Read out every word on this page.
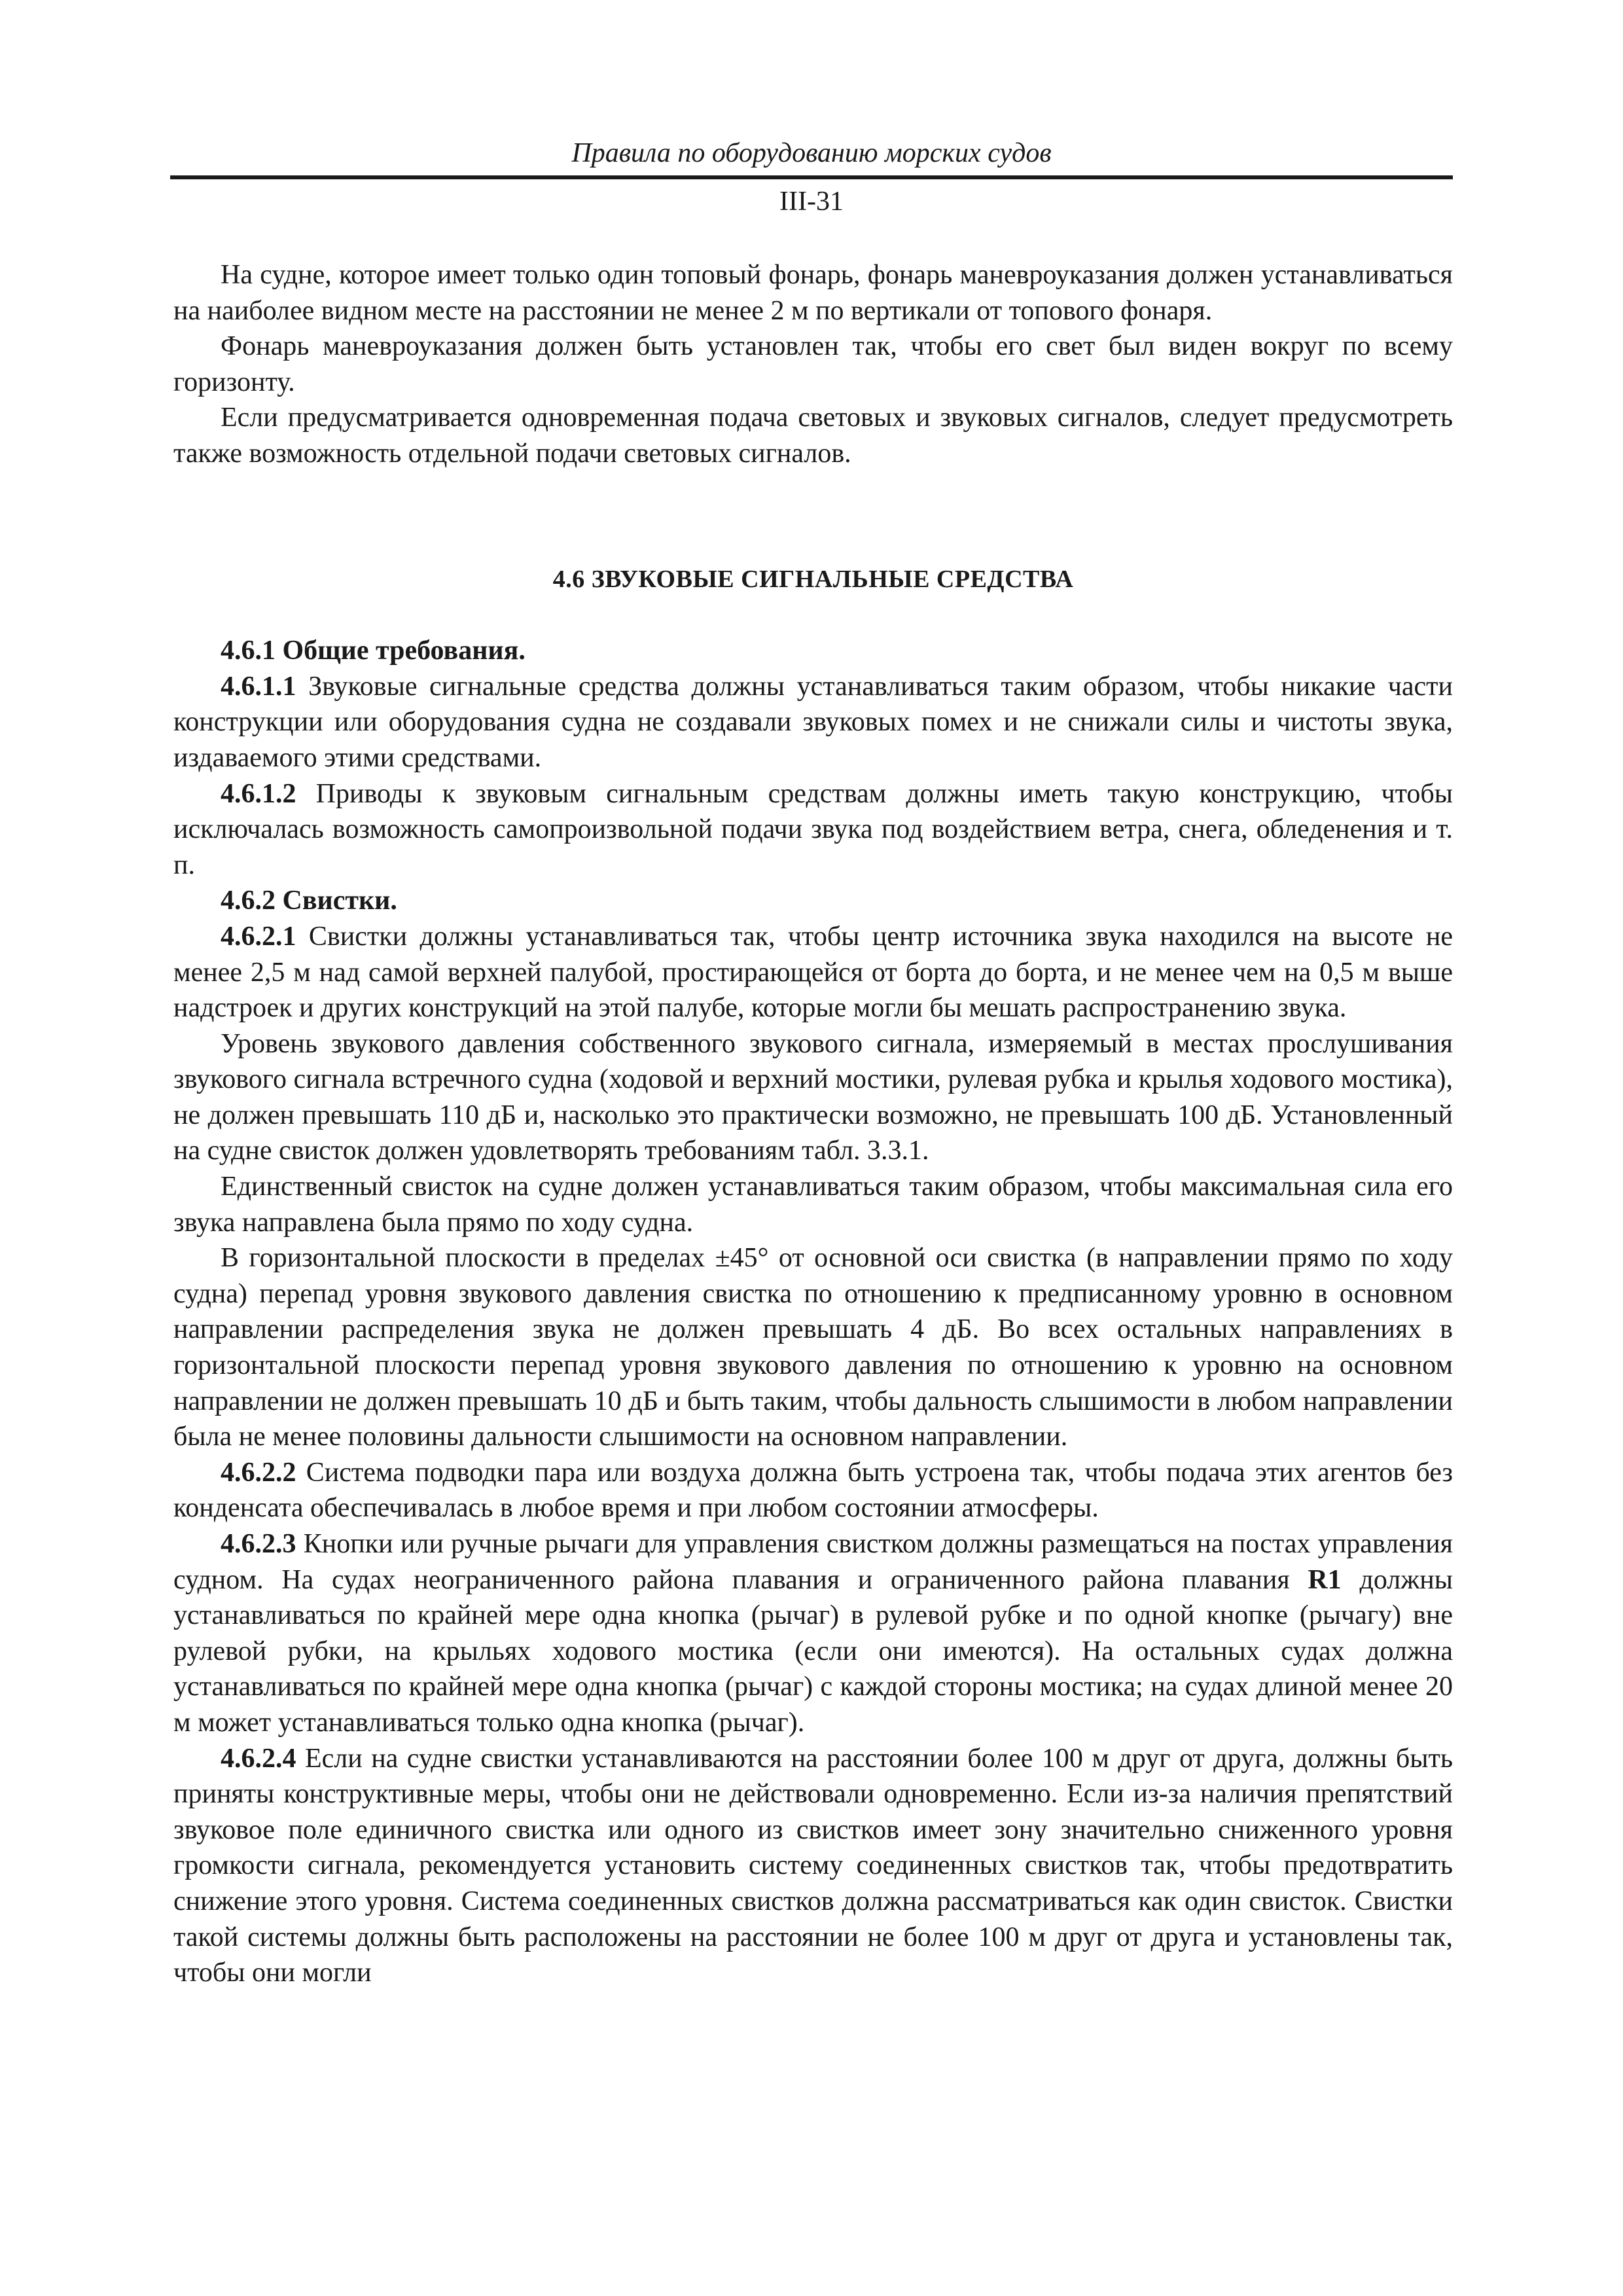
Правила по оборудованию морских судов
III-31

На судне, которое имеет только один топовый фонарь, фонарь маневроуказания должен устанавливаться на наиболее видном месте на расстоянии не менее 2 м по вертикали от топового фонаря.

Фонарь маневроуказания должен быть установлен так, чтобы его свет был виден вокруг по всему горизонту.

Если предусматривается одновременная подача световых и звуковых сигналов, следует предусмотреть также возможность отдельной подачи световых сигналов.

4.6 ЗВУКОВЫЕ СИГНАЛЬНЫЕ СРЕДСТВА

4.6.1 Общие требования.

4.6.1.1 Звуковые сигнальные средства должны устанавливаться таким образом, чтобы никакие части конструкции или оборудования судна не создавали звуковых помех и не снижали силы и чистоты звука, издаваемого этими средствами.

4.6.1.2 Приводы к звуковым сигнальным средствам должны иметь такую конструкцию, чтобы исключалась возможность самопроизвольной подачи звука под воздействием ветра, снега, обледенения и т. п.

4.6.2 Свистки.

4.6.2.1 Свистки должны устанавливаться так, чтобы центр источника звука находился на высоте не менее 2,5 м над самой верхней палубой, простирающейся от борта до борта, и не менее чем на 0,5 м выше надстроек и других конструкций на этой палубе, которые могли бы мешать распространению звука.

Уровень звукового давления собственного звукового сигнала, измеряемый в местах прослушивания звукового сигнала встречного судна (ходовой и верхний мостики, рулевая рубка и крылья ходового мостика), не должен превышать 110 дБ и, насколько это практически возможно, не превышать 100 дБ. Установленный на судне свисток должен удовлетворять требованиям табл. 3.3.1.

Единственный свисток на судне должен устанавливаться таким образом, чтобы максимальная сила его звука направлена была прямо по ходу судна.

В горизонтальной плоскости в пределах ±45° от основной оси свистка (в направлении прямо по ходу судна) перепад уровня звукового давления свистка по отношению к предписанному уровню в основном направлении распределения звука не должен превышать 4 дБ. Во всех остальных направлениях в горизонтальной плоскости перепад уровня звукового давления по отношению к уровню на основном направлении не должен превышать 10 дБ и быть таким, чтобы дальность слышимости в любом направлении была не менее половины дальности слышимости на основном направлении.

4.6.2.2 Система подводки пара или воздуха должна быть устроена так, чтобы подача этих агентов без конденсата обеспечивалась в любое время и при любом состоянии атмосферы.

4.6.2.3 Кнопки или ручные рычаги для управления свистком должны размещаться на постах управления судном. На судах неограниченного района плавания и ограниченного района плавания R1 должны устанавливаться по крайней мере одна кнопка (рычаг) в рулевой рубке и по одной кнопке (рычагу) вне рулевой рубки, на крыльях ходового мостика (если они имеются). На остальных судах должна устанавливаться по крайней мере одна кнопка (рычаг) с каждой стороны мостика; на судах длиной менее 20 м может устанавливаться только одна кнопка (рычаг).

4.6.2.4 Если на судне свистки устанавливаются на расстоянии более 100 м друг от друга, должны быть приняты конструктивные меры, чтобы они не действовали одновременно. Если из-за наличия препятствий звуковое поле единичного свистка или одного из свистков имеет зону значительно сниженного уровня громкости сигнала, рекомендуется установить систему соединенных свистков так, чтобы предотвратить снижение этого уровня. Система соединенных свистков должна рассматриваться как один свисток. Свистки такой системы должны быть расположены на расстоянии не более 100 м друг от друга и установлены так, чтобы они могли
